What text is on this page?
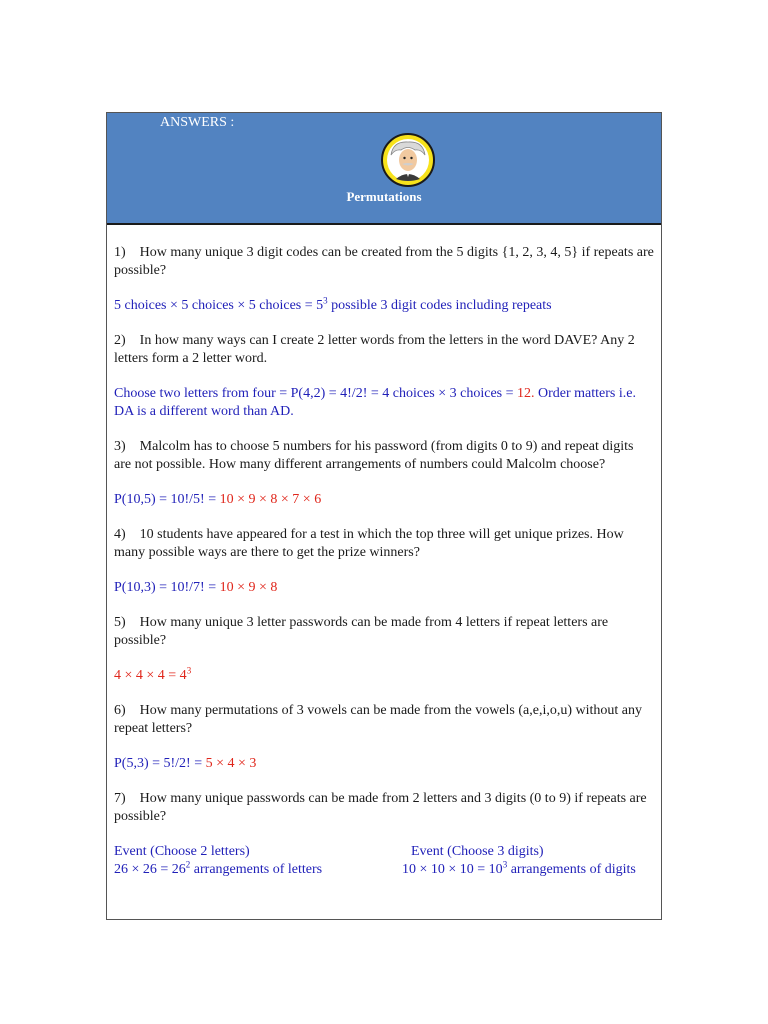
ANSWERS :
Permutations
1) How many unique 3 digit codes can be created from the 5 digits {1, 2, 3, 4, 5} if repeats are possible?
5 choices × 5 choices × 5 choices = $5^3$ possible 3 digit codes including repeats
2) In how many ways can I create 2 letter words from the letters in the word DAVE? Any 2 letters form a 2 letter word.
Choose two letters from four = P(4,2) = 4!/2! = 4 choices × 3 choices = 12. Order matters i.e. DA is a different word than AD.
3) Malcolm has to choose 5 numbers for his password (from digits 0 to 9) and repeat digits are not possible. How many different arrangements of numbers could Malcolm choose?
P(10,5) = 10!/5! = 10 × 9 × 8 × 7 × 6
4) 10 students have appeared for a test in which the top three will get unique prizes. How many possible ways are there to get the prize winners?
P(10,3) = 10!/7! = 10 × 9 × 8
5) How many unique 3 letter passwords can be made from 4 letters if repeat letters are possible?
$4 \times 4 \times 4 = 4^3$
6) How many permutations of 3 vowels can be made from the vowels (a,e,i,o,u) without any repeat letters?
P(5,3) = 5!/2! = 5 × 4 × 3
7) How many unique passwords can be made from 2 letters and 3 digits (0 to 9) if repeats are possible?
Event (Choose 2 letters)
$26 \times 26 = 26^2$ arrangements of letters
Event (Choose 3 digits)
$10 \times 10 \times 10 = 10^3$ arrangements of digits
